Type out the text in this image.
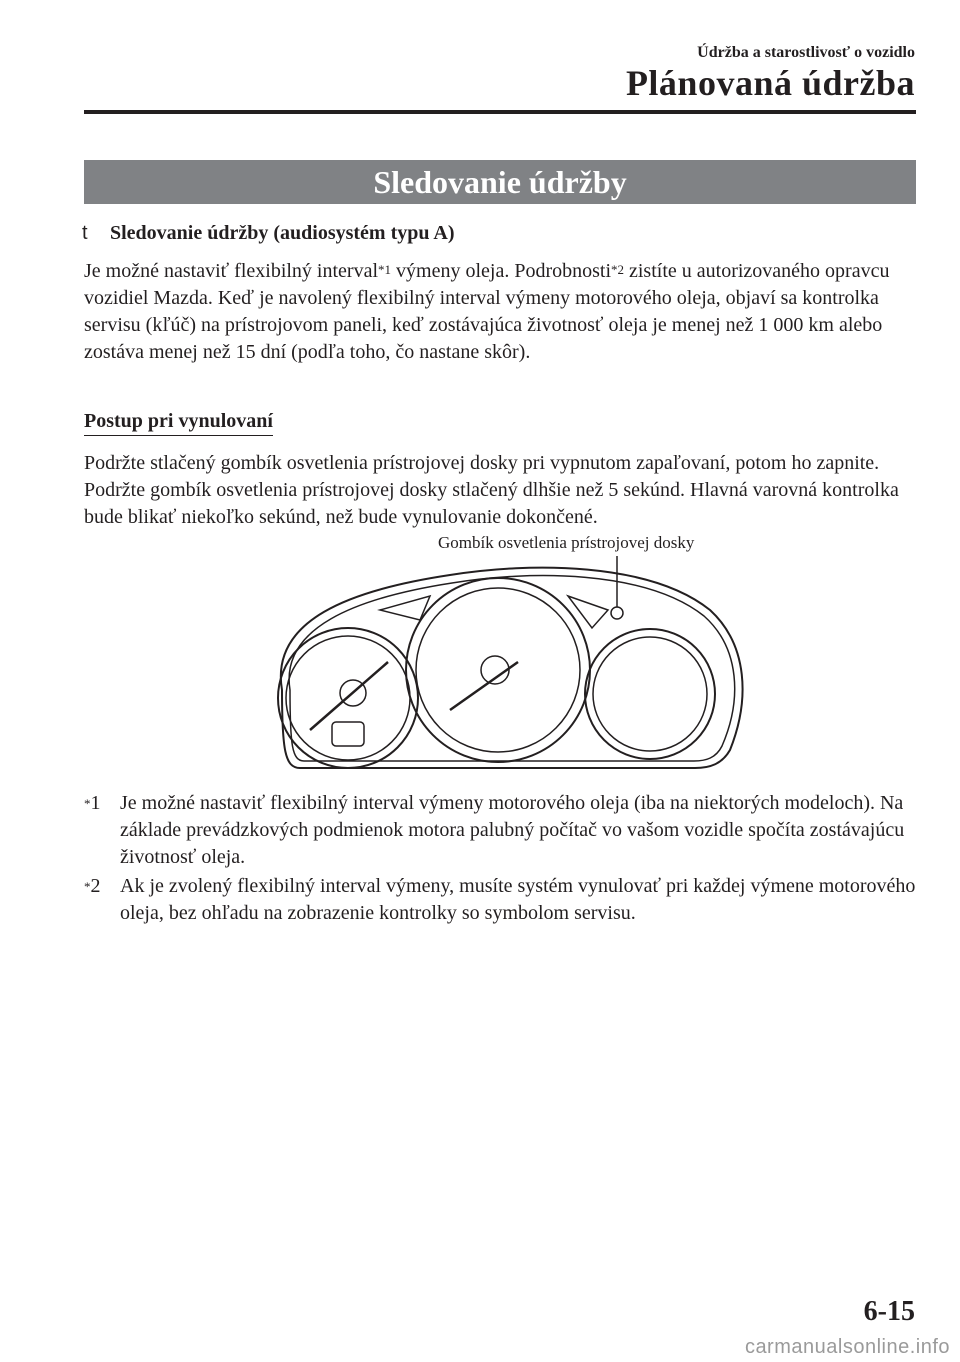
Údržba a starostlivosť o vozidlo
Plánovaná údržba
Sledovanie údržby
t Sledovanie údržby (audiosystém typu A)

Je možné nastaviť flexibilný interval$^{*1}$ výmeny oleja. Podrobnosti$^{*2}$ zistíte u autorizovaného opravcu vozidiel Mazda. Keď je navolený flexibilný interval výmeny motorového oleja, objaví sa kontrolka servisu (kľúč) na prístrojovom paneli, keď zostávajúca životnosť oleja je menej než 1 000 km alebo zostáva menej než 15 dní (podľa toho, čo nastane skôr).

Postup pri vynulovaní

Podržte stlačený gombík osvetlenia prístrojovej dosky pri vypnutom zapaľovaní, potom ho zapnite. Podržte gombík osvetlenia prístrojovej dosky stlačený dlhšie než 5 sekúnd. Hlavná varovná kontrolka bude blikať niekoľko sekúnd, než bude vynulovanie dokončené.

Gombík osvetlenia prístrojovej dosky
*1 Je možné nastaviť flexibilný interval výmeny motorového oleja (iba na niektorých modeloch). Na základe prevádzkových podmienok motora palubný počítač vo vašom vozidle spočíta zostávajúcu životnosť oleja.
*2 Ak je zvolený flexibilný interval výmeny, musíte systém vynulovať pri každej výmene motorového oleja, bez ohľadu na zobrazenie kontrolky so symbolom servisu.
6-15
carmanualsonline.info
